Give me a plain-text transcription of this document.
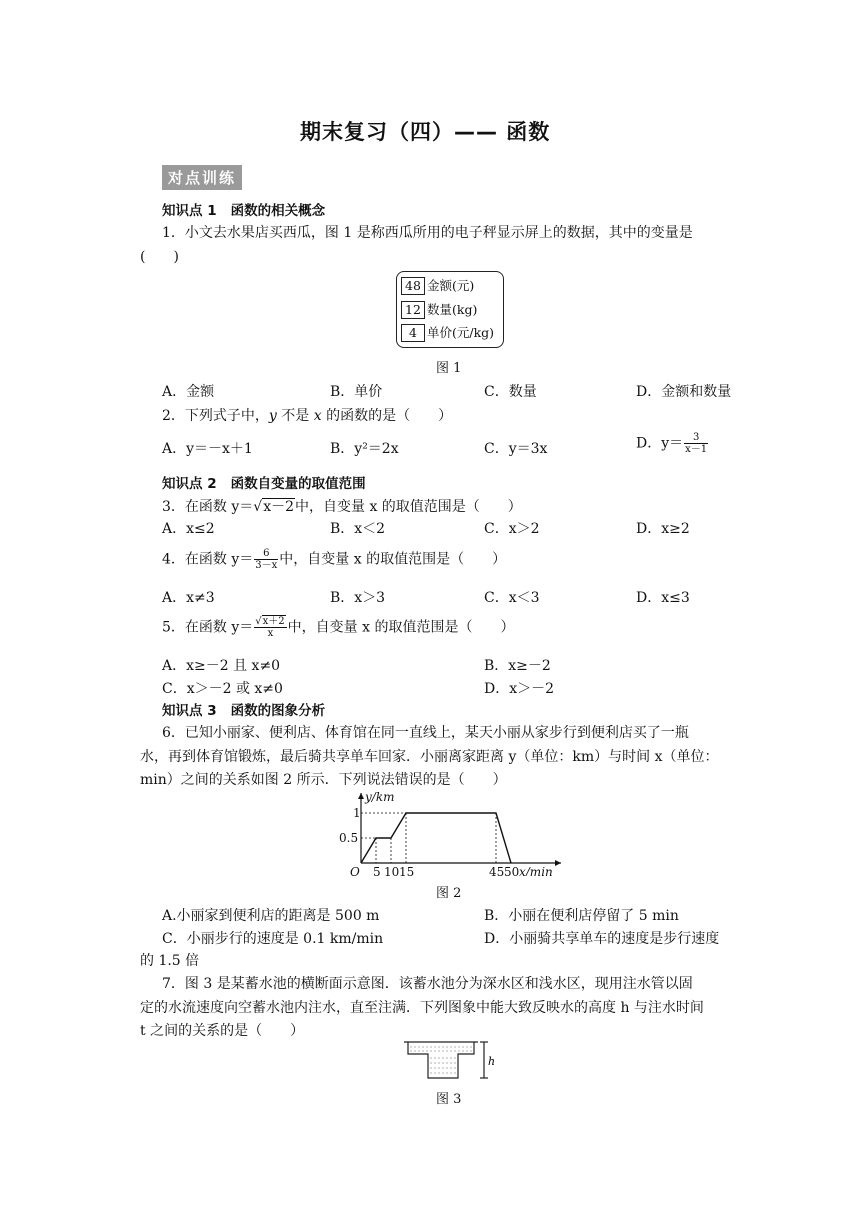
期末复习（四）—— 函数
对点训练
知识点 1 函数的相关概念
1．小文去水果店买西瓜，图 1 是称西瓜所用的电子秤显示屏上的数据，其中的变量是
(　　)
48 金额(元)
12 数量(kg)
4 单价(元/kg)
图 1
A．金额	B．单价	C．数量	D．金额和数量
2．下列式子中，y 不是 x 的函数的是（　　）
A．y＝－x＋1	B．y²＝2x	C．y＝3x	D．$y= \frac{3}{x-1}$
知识点 2 函数自变量的取值范围
3．在函数 y＝√x－2中，自变量 x 的取值范围是（　　）
A．x≤2	B．x＜2	C．x＞2	D．x≥2
4．在函数 $y= \frac{6}{3-x}$ 中，自变量 x 的取值范围是（　　）
A．x≠3	B．x＞3	C．x＜3	D．x≤3
5．在函数 $y= \frac{√x+2}{x}$ 中，自变量 x 的取值范围是（　　）
A．x≥－2 且 x≠0	B．x≥－2
C．x＞－2 或 x≠0	D．x＞－2
知识点 3 函数的图象分析
6．已知小丽家、便利店、体育馆在同一直线上，某天小丽从家步行到便利店买了一瓶
水，再到体育馆锻炼，最后骑共享单车回家．小丽离家距离 y（单位：km）与时间 x（单位：
min）之间的关系如图 2 所示．下列说法错误的是（　　）
O 5 10 15	45 50
0.5
1
y/km
x/min
图 2
A.小丽家到便利店的距离是 500 m	B．小丽在便利店停留了 5 min
C．小丽步行的速度是 0.1 km/min	D．小丽骑共享单车的速度是步行速度
的 1.5 倍
7．图 3 是某蓄水池的横断面示意图．该蓄水池分为深水区和浅水区，现用注水管以固
定的水流速度向空蓄水池内注水，直至注满．下列图象中能大致反映水的高度 h 与注水时间
t 之间的关系的是（　　）
h
图 3
